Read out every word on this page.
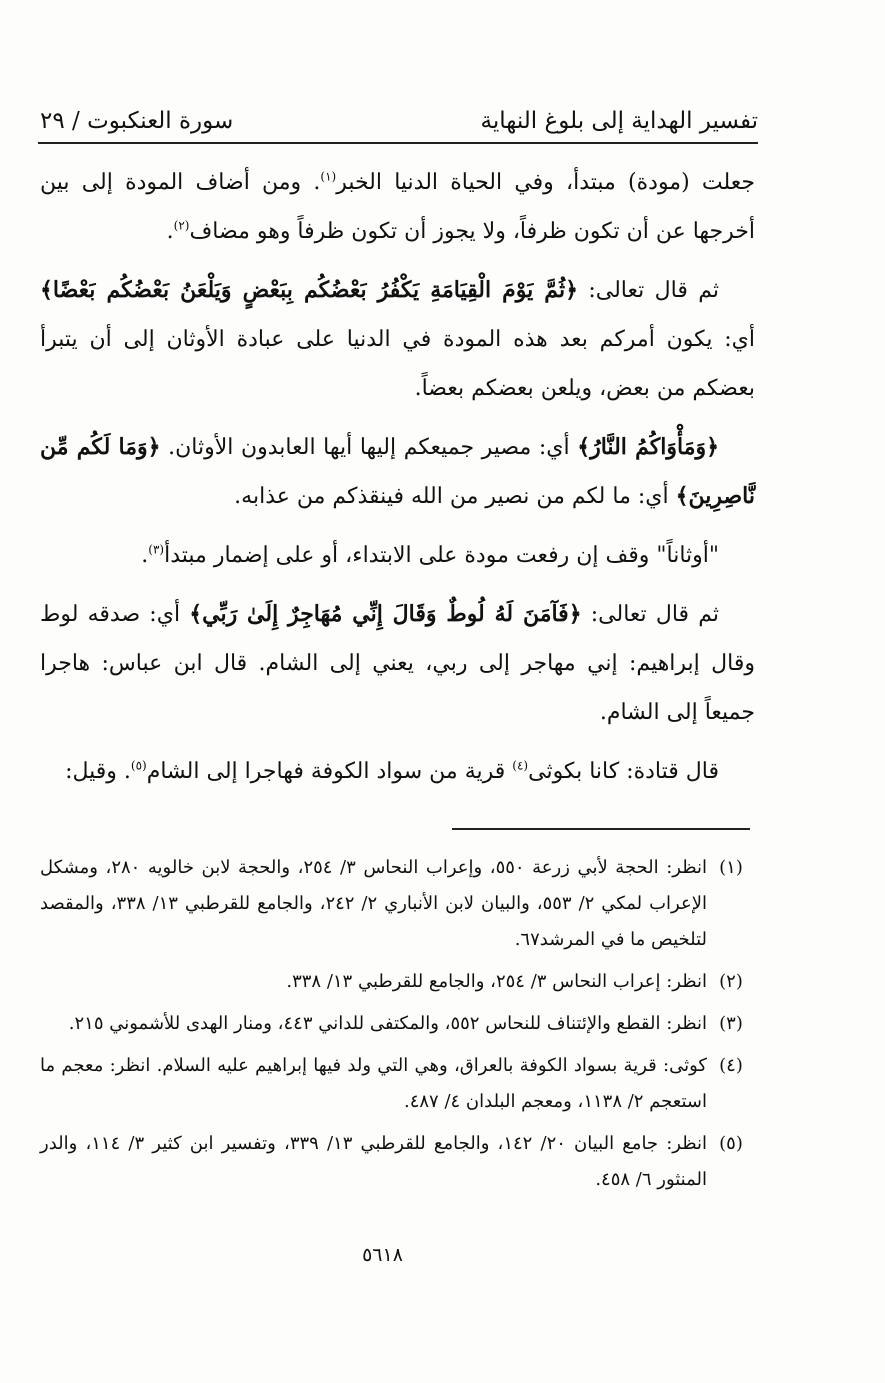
تفسير الهداية إلى بلوغ النهاية
سورة العنكبوت / ٢٩

جعلت (مودة) مبتدأ، وفي الحياة الدنيا الخبر$^{(١)}$. ومن أضاف المودة إلى بين أخرجها عن أن تكون ظرفاً، ولا يجوز أن تكون ظرفاً وهو مضاف$^{(٢)}$.

ثم قال تعالى: ﴿ثُمَّ يَوْمَ الْقِيَامَةِ يَكْفُرُ بَعْضُكُم بِبَعْضٍ وَيَلْعَنُ بَعْضُكُم بَعْضًا﴾ أي: يكون أمركم بعد هذه المودة في الدنيا على عبادة الأوثان إلى أن يتبرأ بعضكم من بعض، ويلعن بعضكم بعضاً.

﴿وَمَأْوَاكُمُ النَّارُ﴾ أي: مصير جميعكم إليها أيها العابدون الأوثان. ﴿وَمَا لَكُم مِّن نَّاصِرِينَ﴾ أي: ما لكم من نصير من الله فينقذكم من عذابه.

"أوثاناً" وقف إن رفعت مودة على الابتداء، أو على إضمار مبتدأ$^{(٣)}$.

ثم قال تعالى: ﴿فَآمَنَ لَهُ لُوطٌ وَقَالَ إِنِّي مُهَاجِرٌ إِلَىٰ رَبِّي﴾ أي: صدقه لوط وقال إبراهيم: إني مهاجر إلى ربي، يعني إلى الشام. قال ابن عباس: هاجرا جميعاً إلى الشام.

قال قتادة: كانا بكوثى$^{(٤)}$ قرية من سواد الكوفة فهاجرا إلى الشام$^{(٥)}$. وقيل:

(١)
انظر: الحجة لأبي زرعة ٥٥٠، وإعراب النحاس ٣/ ٢٥٤، والحجة لابن خالويه ٢٨٠، ومشكل الإعراب لمكي ٢/ ٥٥٣، والبيان لابن الأنباري ٢/ ٢٤٢، والجامع للقرطبي ١٣/ ٣٣٨، والمقصد لتلخيص ما في المرشد٦٧.
(٢)
انظر: إعراب النحاس ٣/ ٢٥٤، والجامع للقرطبي ١٣/ ٣٣٨.
(٣)
انظر: القطع والإئتناف للنحاس ٥٥٢، والمكتفى للداني ٤٤٣، ومنار الهدى للأشموني ٢١٥.
(٤)
كوثى: قرية بسواد الكوفة بالعراق، وهي التي ولد فيها إبراهيم عليه السلام. انظر: معجم ما استعجم ٢/ ١١٣٨، ومعجم البلدان ٤/ ٤٨٧.
(٥)
انظر: جامع البيان ٢٠/ ١٤٢، والجامع للقرطبي ١٣/ ٣٣٩، وتفسير ابن كثير ٣/ ١١٤، والدر المنثور ٦/ ٤٥٨.
٥٦١٨
